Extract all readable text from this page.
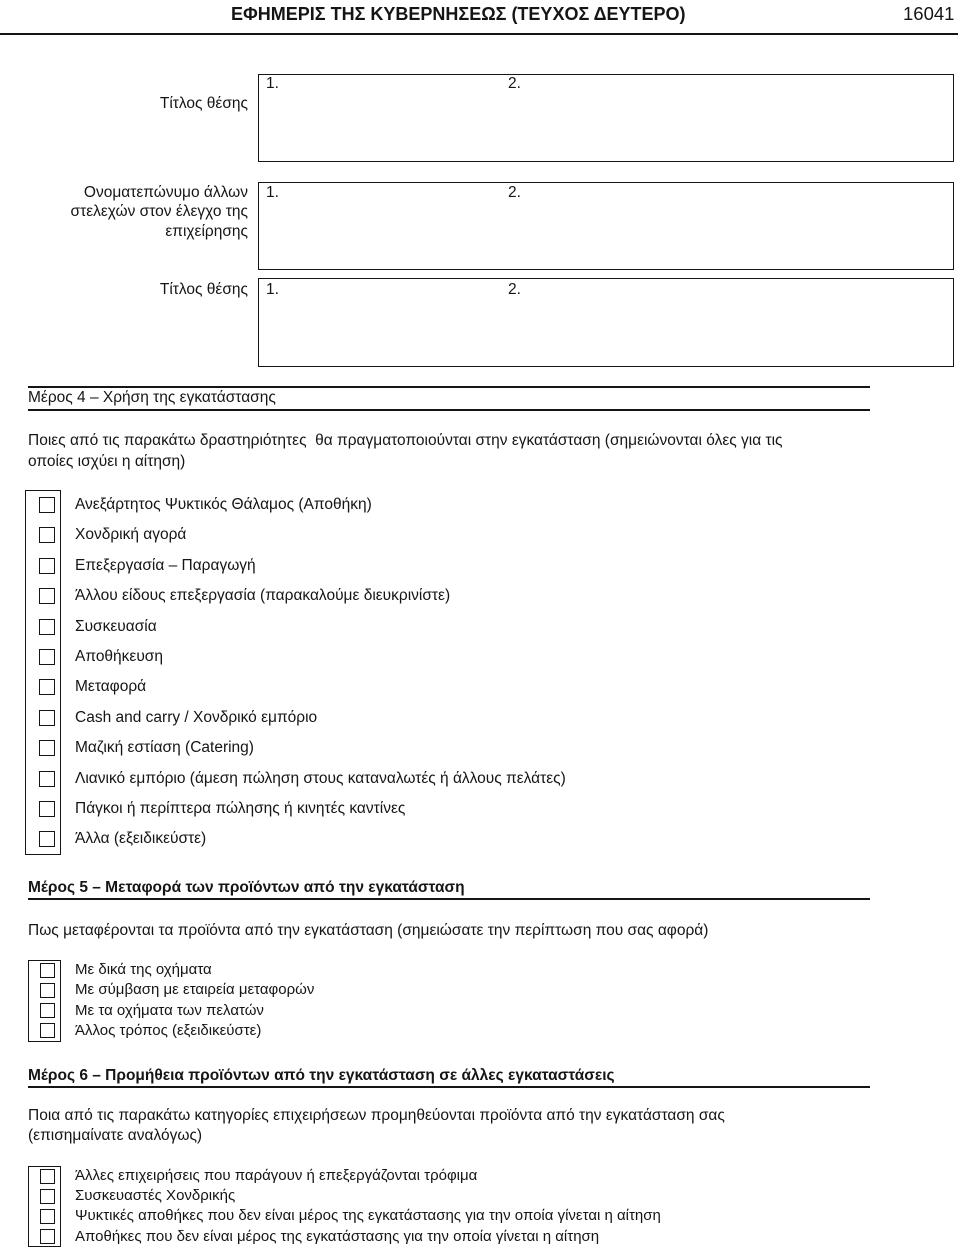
ΕΦΗΜΕΡΙΣ ΤΗΣ ΚΥΒΕΡΝΗΣΕΩΣ (ΤΕΥΧΟΣ ΔΕΥΤΕΡΟ)	16041
Τίτλος θέσης
1.	2.
Ονοματεπώνυμο άλλων
στελεχών στον έλεγχο της
επιχείρησης
1.	2.
Τίτλος θέσης 1.	2.
Μέρος 4 – Χρήση της εγκατάστασης
Ποιες από τις παρακάτω δραστηριότητες  θα πραγματοποιούνται στην εγκατάσταση (σημειώνονται όλες για τις
οποίες ισχύει η αίτηση)
Ανεξάρτητος Ψυκτικός Θάλαμος (Αποθήκη)
Χονδρική αγορά
Επεξεργασία – Παραγωγή
Άλλου είδους επεξεργασία (παρακαλούμε διευκρινίστε)
Συσκευασία
Αποθήκευση
Μεταφορά
Cash and carry / Χονδρικό εμπόριο
Μαζική εστίαση (Catering)
Λιανικό εμπόριο (άμεση πώληση στους καταναλωτές ή άλλους πελάτες)
Πάγκοι ή περίπτερα πώλησης ή κινητές καντίνες
Άλλα (εξειδικεύστε)
Μέρος 5 – Μεταφορά των προϊόντων από την εγκατάσταση
Πως μεταφέρονται τα προϊόντα από την εγκατάσταση (σημειώσατε την περίπτωση που σας αφορά)
Με δικά της οχήματα
Με σύμβαση με εταιρεία μεταφορών
Με τα οχήματα των πελατών
Άλλος τρόπος (εξειδικεύστε)
Μέρος 6 – Προμήθεια προϊόντων από την εγκατάσταση σε άλλες εγκαταστάσεις
Ποια από τις παρακάτω κατηγορίες επιχειρήσεων προμηθεύονται προϊόντα από την εγκατάσταση σας
(επισημαίνατε αναλόγως)
Άλλες επιχειρήσεις που παράγουν ή επεξεργάζονται τρόφιμα
Συσκευαστές Χονδρικής
Ψυκτικές αποθήκες που δεν είναι μέρος της εγκατάστασης για την οποία γίνεται η αίτηση
Αποθήκες που δεν είναι μέρος της εγκατάστασης για την οποία γίνεται η αίτηση
